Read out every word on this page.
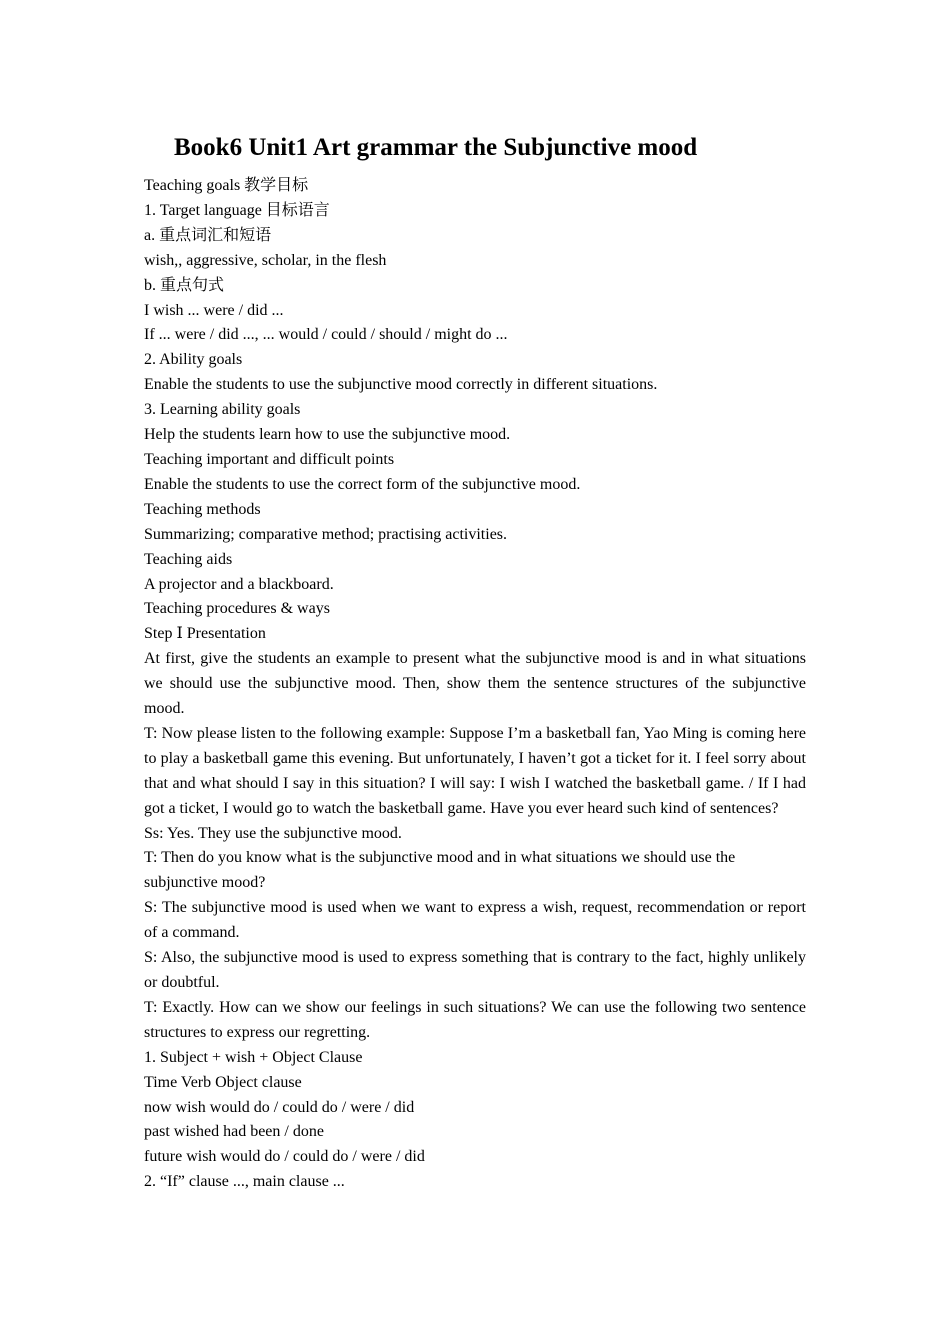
Book6 Unit1 Art grammar the Subjunctive mood

Teaching goals 教学目标

1. Target language 目标语言

a. 重点词汇和短语

wish,, aggressive, scholar, in the flesh

b. 重点句式

I wish ... were / did ...

If ... were / did ..., ... would / could / should / might do ...

2. Ability goals

Enable the students to use the subjunctive mood correctly in different situations.

3. Learning ability goals

Help the students learn how to use the subjunctive mood.

Teaching important and difficult points

Enable the students to use the correct form of the subjunctive mood.

Teaching methods

Summarizing; comparative method; practising activities.

Teaching aids

A projector and a blackboard.

Teaching procedures & ways

Step Ⅰ Presentation

At first, give the students an example to present what the subjunctive mood is and in what situations we should use the subjunctive mood. Then, show them the sentence structures of the subjunctive mood.

T: Now please listen to the following example: Suppose I’m a basketball fan, Yao Ming is coming here to play a basketball game this evening. But unfortunately, I haven’t got a ticket for it. I feel sorry about that and what should I say in this situation? I will say: I wish I watched the basketball game. / If I had got a ticket, I would go to watch the basketball game. Have you ever heard such kind of sentences?

Ss: Yes. They use the subjunctive mood.

T: Then do you know what is the subjunctive mood and in what situations we should use the subjunctive mood?

S: The subjunctive mood is used when we want to express a wish, request, recommendation or report of a command.

S: Also, the subjunctive mood is used to express something that is contrary to the fact, highly unlikely or doubtful.

T: Exactly. How can we show our feelings in such situations? We can use the following two sentence structures to express our regretting.

1. Subject + wish + Object Clause

Time Verb Object clause

now wish would do / could do / were / did

past wished had been / done

future wish would do / could do / were / did

2. “If” clause ..., main clause ...
